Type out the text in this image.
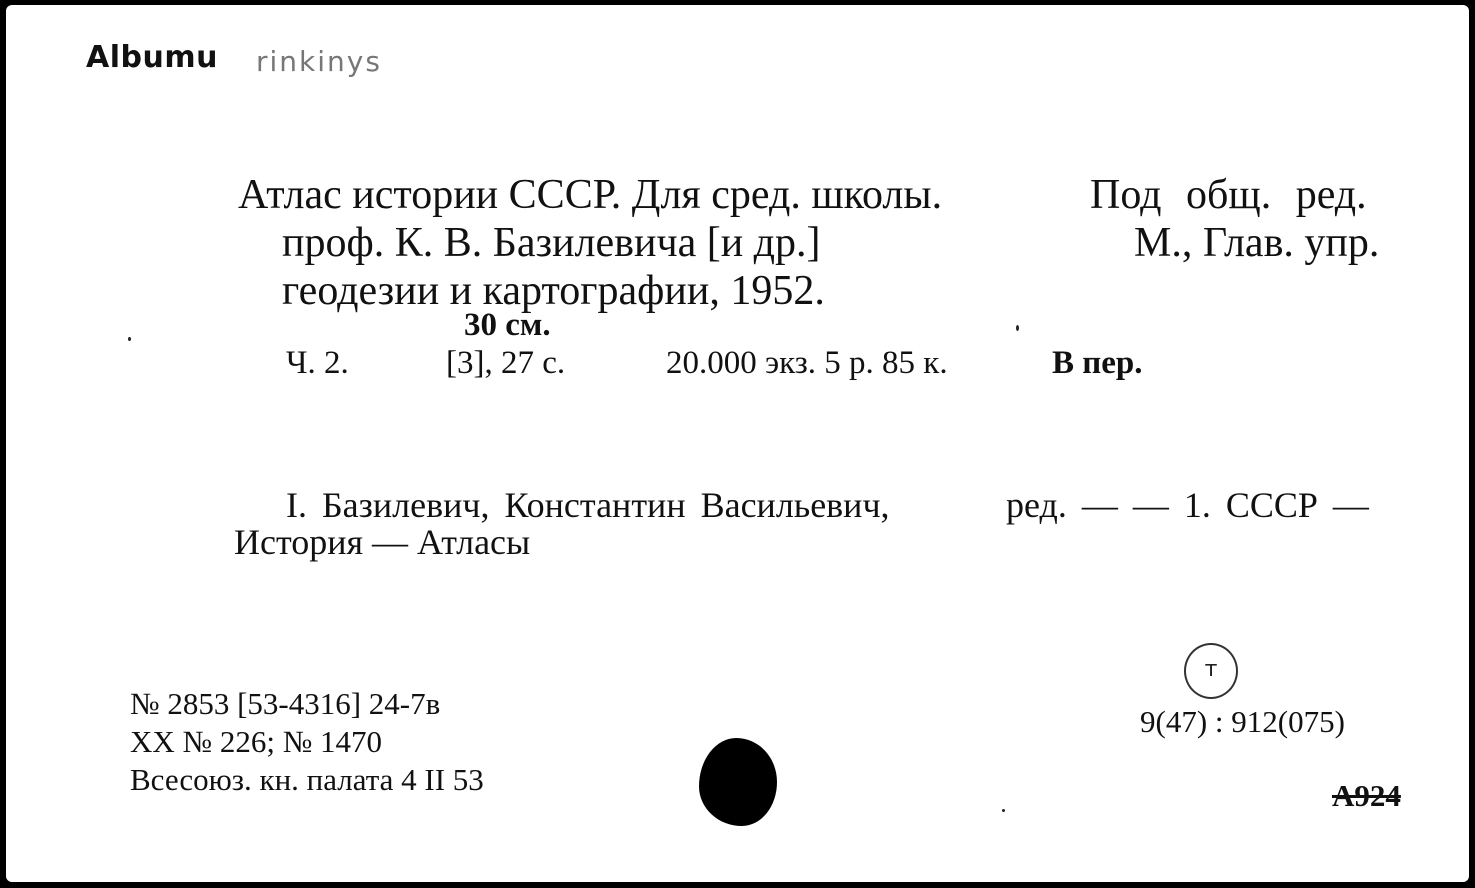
Albumu rinkinys
Атлас истории СССР. Для сред. школы.	Под общ. ред.
проф. К. В. Базилевича [и др.]	М., Глав. упр.
геодезии и картографии, 1952.
30 см.
Ч. 2.	[3], 27 с.	20.000 экз. 5 р. 85 к.	В пер.
I. Базилевич, Константин Васильевич,	ред. — — 1. СССР —
История — Атласы
№ 2853 [53-4316] 24-7в
XX № 226; № 1470
Всесоюз. кн. палата 4 II 53
т
9(47) : 912(075)
А924
